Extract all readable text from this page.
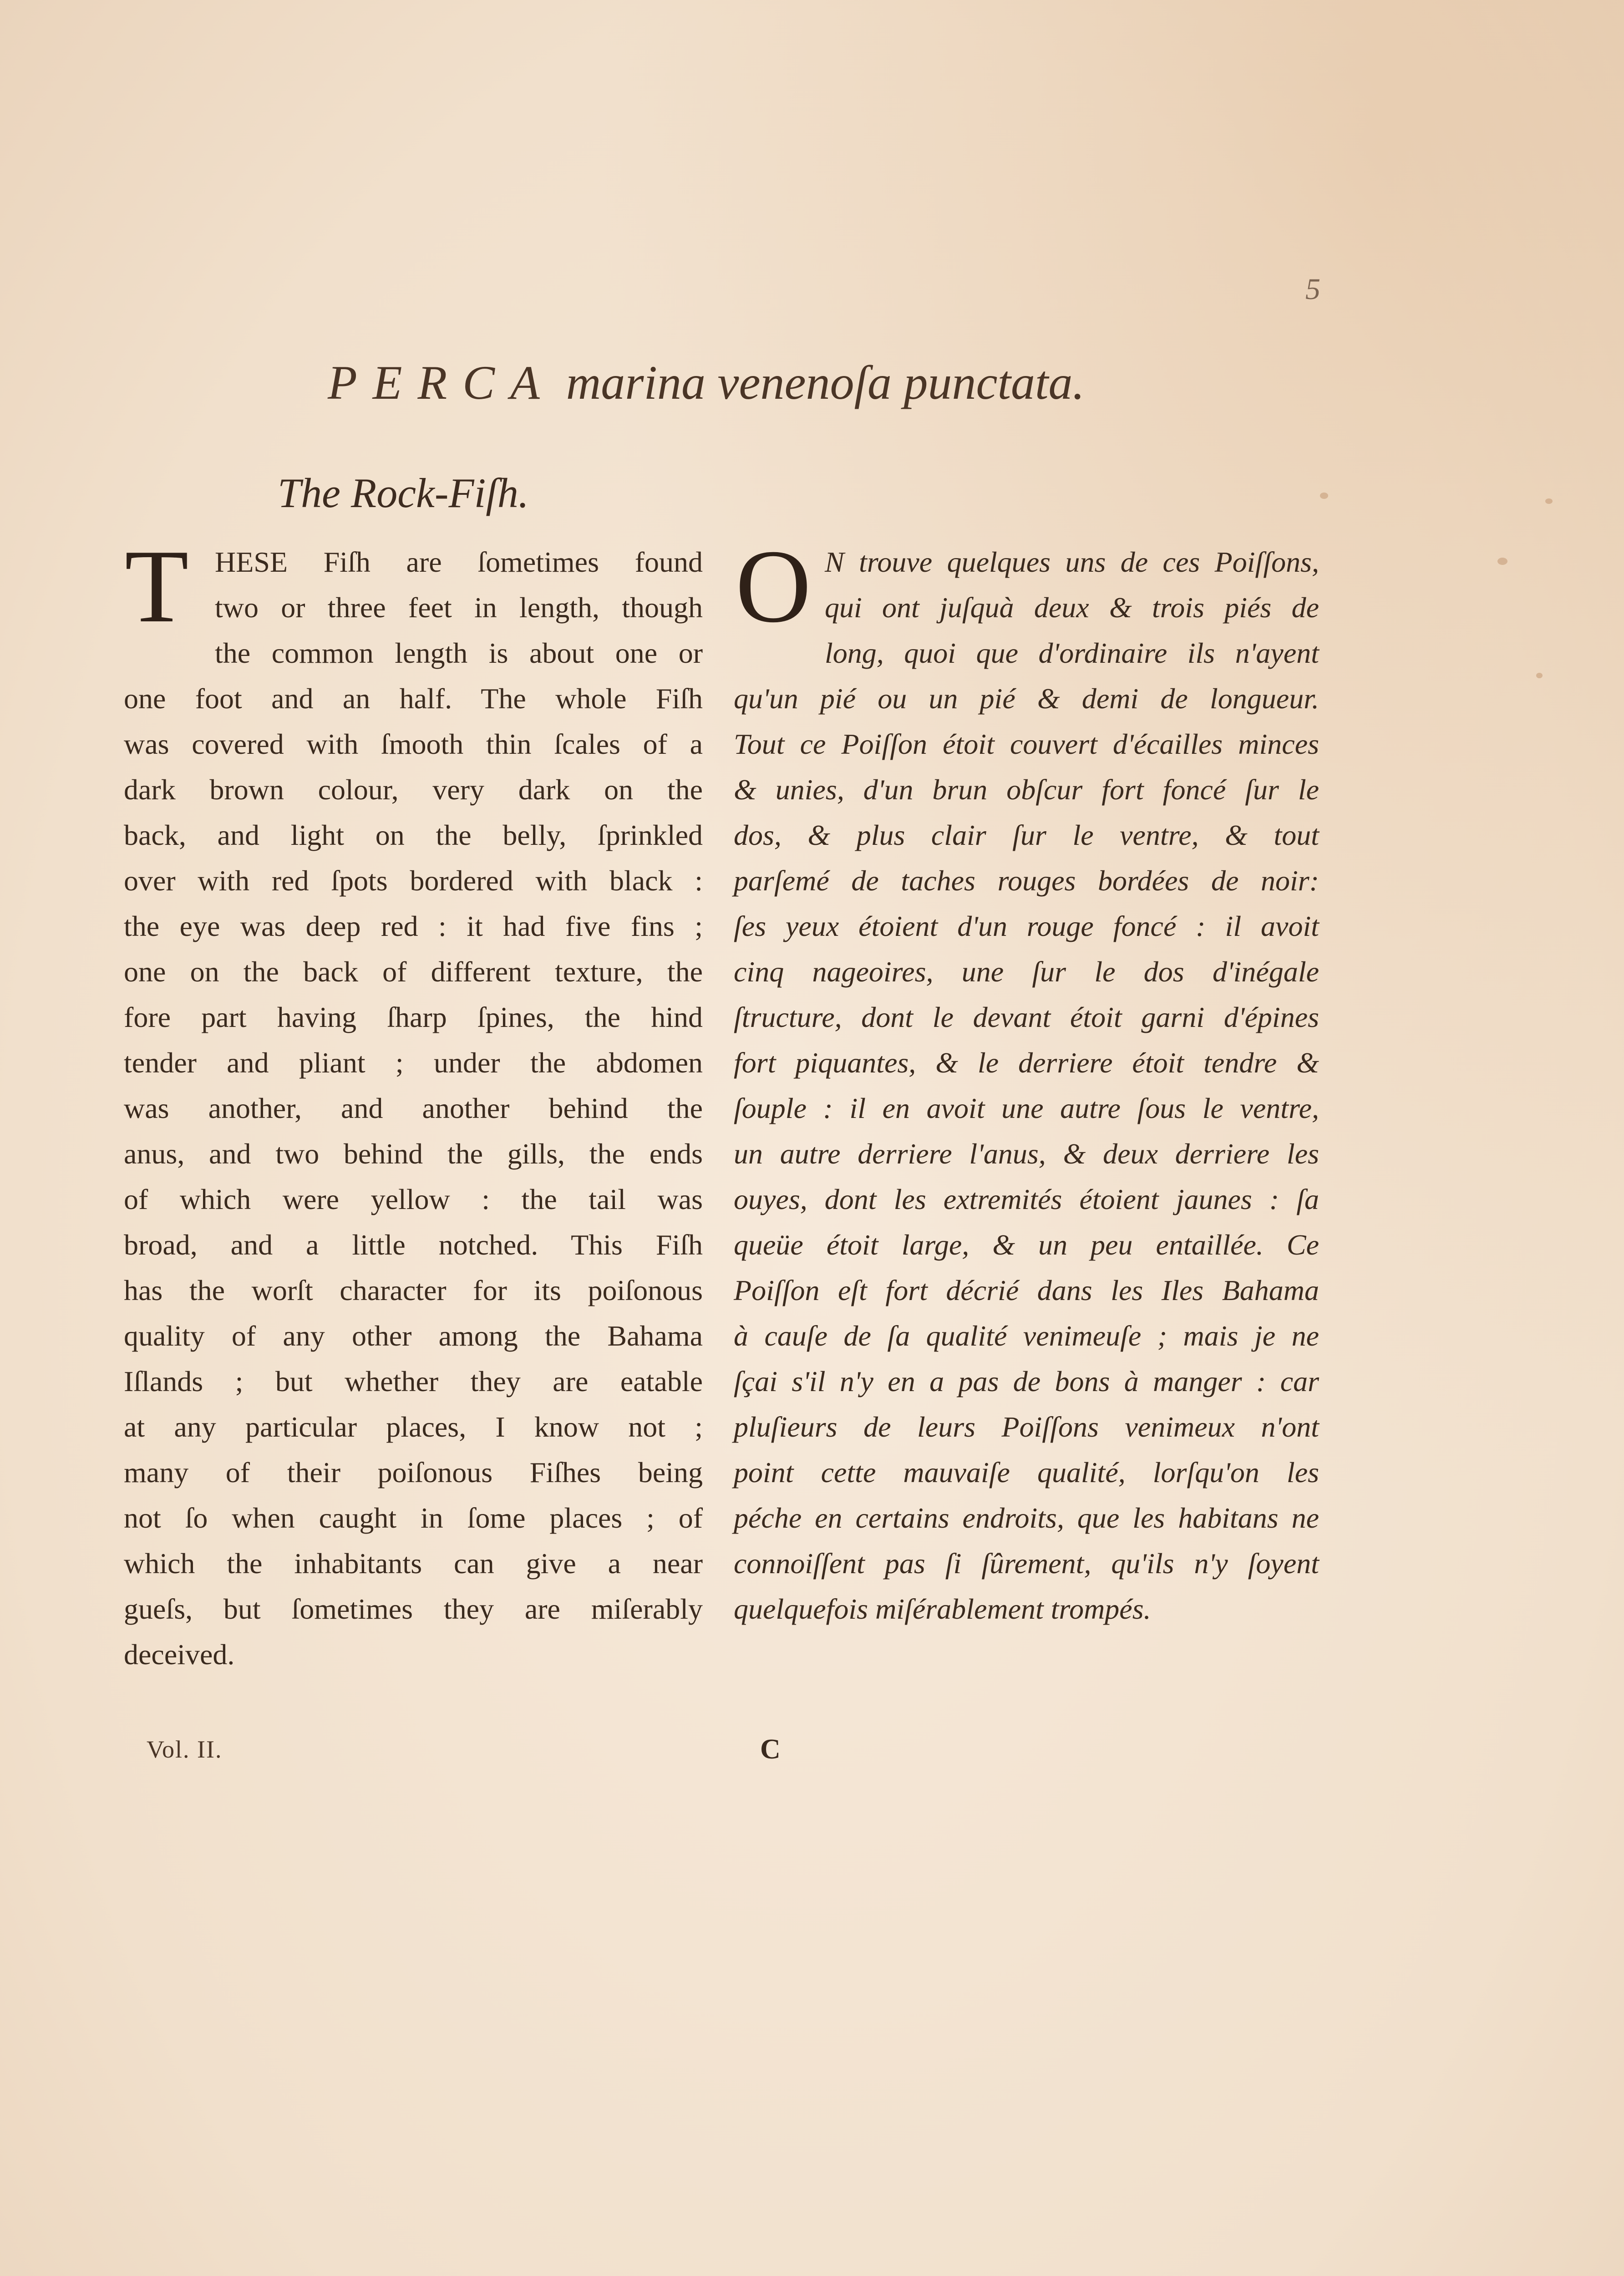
5
PERCA marina venenoſa punctata.
The Rock-Fiſh.
T HESE Fiſh are ſometimes found
two or three feet in length, though
the common length is about one or
one foot and an half. The whole Fiſh
was covered with ſmooth thin ſcales of a
dark brown colour, very dark on the
back, and light on the belly, ſprinkled
over with red ſpots bordered with black :
the eye was deep red : it had five fins ;
one on the back of different texture, the
fore part having ſharp ſpines, the hind
tender and pliant ; under the abdomen
was another, and another behind the
anus, and two behind the gills, the ends
of which were yellow : the tail was
broad, and a little notched. This Fiſh
has the worſt character for its poiſonous
quality of any other among the Bahama
Iſlands ; but whether they are eatable
at any particular places, I know not ;
many of their poiſonous Fiſhes being
not ſo when caught in ſome places ; of
which the inhabitants can give a near
gueſs, but ſometimes they are miſerably
deceived.
O N trouve quelques uns de ces Poiſſons,
qui ont juſquà deux & trois piés de
long, quoi que d'ordinaire ils n'ayent
qu'un pié ou un pié & demi de longueur.
Tout ce Poiſſon étoit couvert d'écailles minces
& unies, d'un brun obſcur fort foncé ſur le
dos, & plus clair ſur le ventre, & tout
parſemé de taches rouges bordées de noir:
ſes yeux étoient d'un rouge foncé : il avoit
cinq nageoires, une ſur le dos d'inégale
ſtructure, dont le devant étoit garni d'épines
fort piquantes, & le derriere étoit tendre &
ſouple : il en avoit une autre ſous le ventre,
un autre derriere l'anus, & deux derriere les
ouyes, dont les extremités étoient jaunes : ſa
queüe étoit large, & un peu entaillée. Ce
Poiſſon eſt fort décrié dans les Iles Bahama
à cauſe de ſa qualité venimeuſe ; mais je ne
ſçai s'il n'y en a pas de bons à manger : car
pluſieurs de leurs Poiſſons venimeux n'ont
point cette mauvaiſe qualité, lorſqu'on les
péche en certains endroits, que les habitans ne
connoiſſent pas ſi ſûrement, qu'ils n'y ſoyent
quelquefois miſérablement trompés.
Vol. II.	C
